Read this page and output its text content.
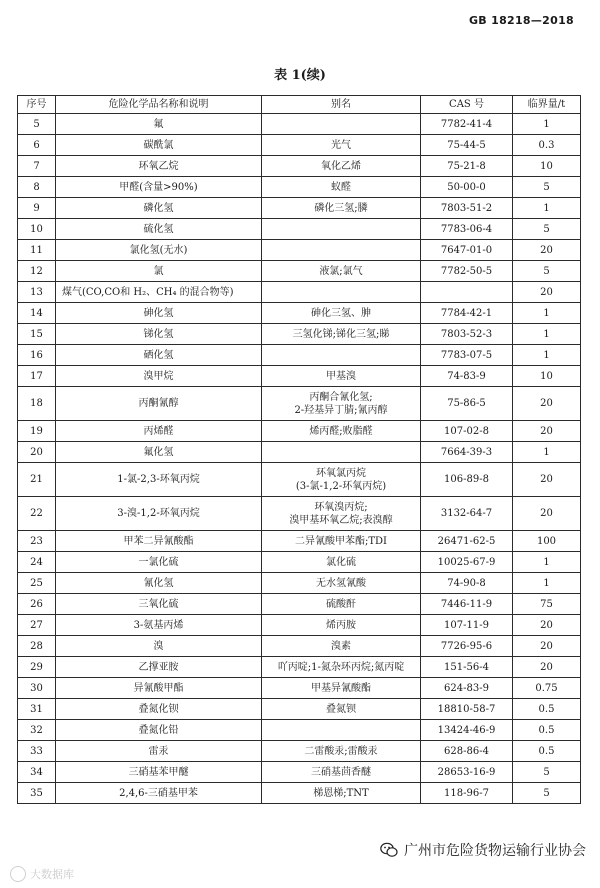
GB 18218—2018
表 1(续)
序号	危险化学品名称和说明	别名	CAS 号	临界量/t
5	氟		7782-41-4	1
6	碳酰氯	光气	75-44-5	0.3
7	环氧乙烷	氧化乙烯	75-21-8	10
8	甲醛(含量>90%)	蚁醛	50-00-0	5
9	磷化氢	磷化三氢;膦	7803-51-2	1
10	硫化氢		7783-06-4	5
11	氯化氢(无水)		7647-01-0	20
12	氯	液氯;氯气	7782-50-5	5
13	煤气(CO,CO和 H₂、CH₄ 的混合物等)			20
14	砷化氢	砷化三氢、胂	7784-42-1	1
15	锑化氢	三氢化锑;锑化三氢;睇	7803-52-3	1
16	硒化氢		7783-07-5	1
17	溴甲烷	甲基溴	74-83-9	10
18	丙酮氰醇	丙酮合氰化氢;
2-羟基异丁腈;氰丙醇	75-86-5	20
19	丙烯醛	烯丙醛;败脂醛	107-02-8	20
20	氟化氢		7664-39-3	1
21	1-氯-2,3-环氧丙烷	环氧氯丙烷
(3-氯-1,2-环氧丙烷)	106-89-8	20
22	3-溴-1,2-环氧丙烷	环氧溴丙烷;
溴甲基环氧乙烷;表溴醇	3132-64-7	20
23	甲苯二异氰酸酯	二异氰酸甲苯酯;TDI	26471-62-5	100
24	一氯化硫	氯化硫	10025-67-9	1
25	氰化氢	无水氢氰酸	74-90-8	1
26	三氧化硫	硫酸酐	7446-11-9	75
27	3-氨基丙烯	烯丙胺	107-11-9	20
28	溴	溴素	7726-95-6	20
29	乙撑亚胺	吖丙啶;1-氮杂环丙烷;氮丙啶	151-56-4	20
30	异氰酸甲酯	甲基异氰酸酯	624-83-9	0.75
31	叠氮化钡	叠氮钡	18810-58-7	0.5
32	叠氮化铅		13424-46-9	0.5
33	雷汞	二雷酸汞;雷酸汞	628-86-4	0.5
34	三硝基苯甲醚	三硝基茴香醚	28653-16-9	5
35	2,4,6-三硝基甲苯	梯恩梯;TNT	118-96-7	5
大数据库
广州市危险货物运输行业协会
